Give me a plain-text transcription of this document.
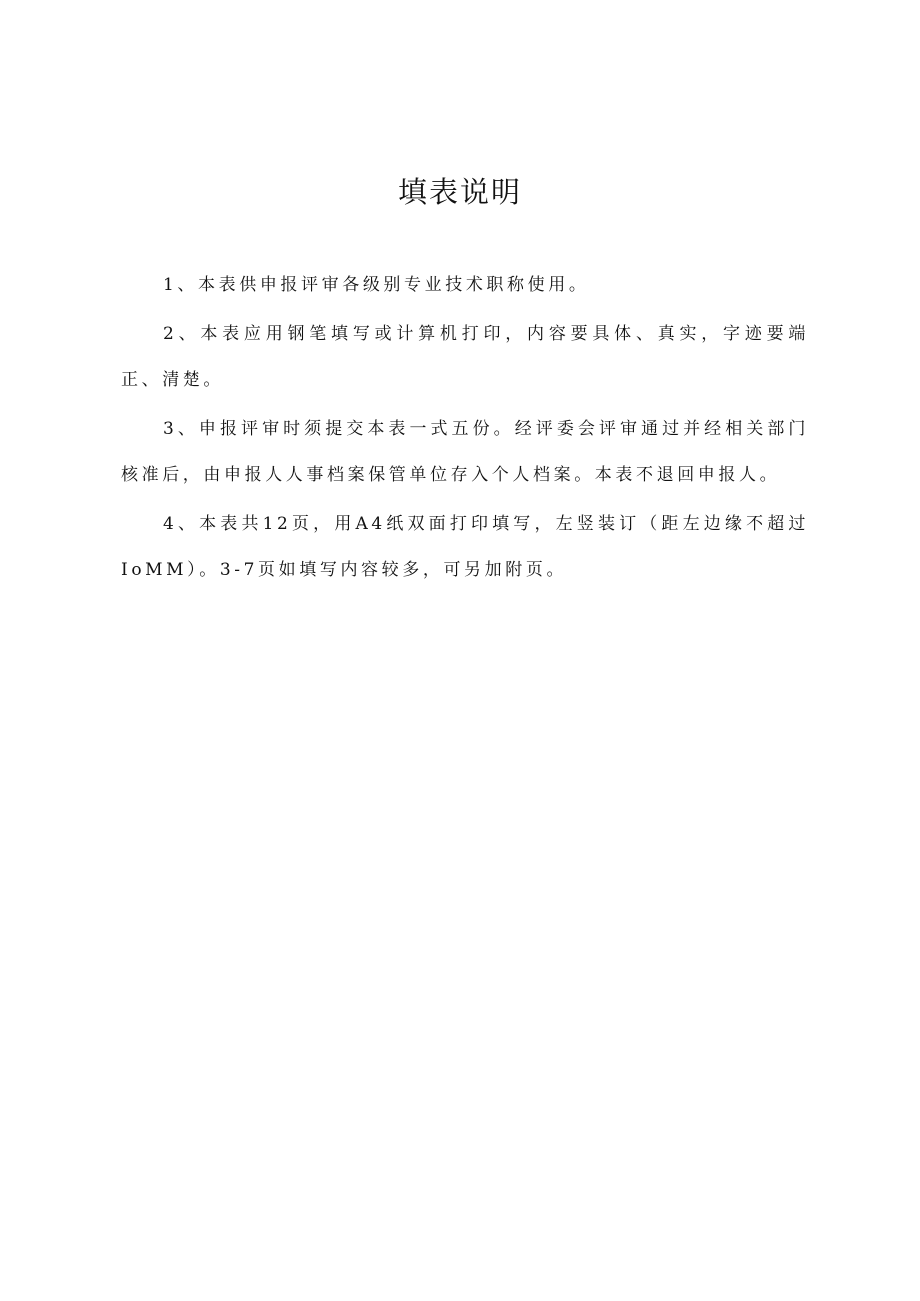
填表说明

1、本表供申报评审各级别专业技术职称使用。

2、本表应用钢笔填写或计算机打印，内容要具体、真实，字迹要端正、清楚。

3、申报评审时须提交本表一式五份。经评委会评审通过并经相关部门核准后，由申报人人事档案保管单位存入个人档案。本表不退回申报人。

4、本表共12页，用A4纸双面打印填写，左竖装订（距左边缘不超过IoMM）。3-7页如填写内容较多，可另加附页。
